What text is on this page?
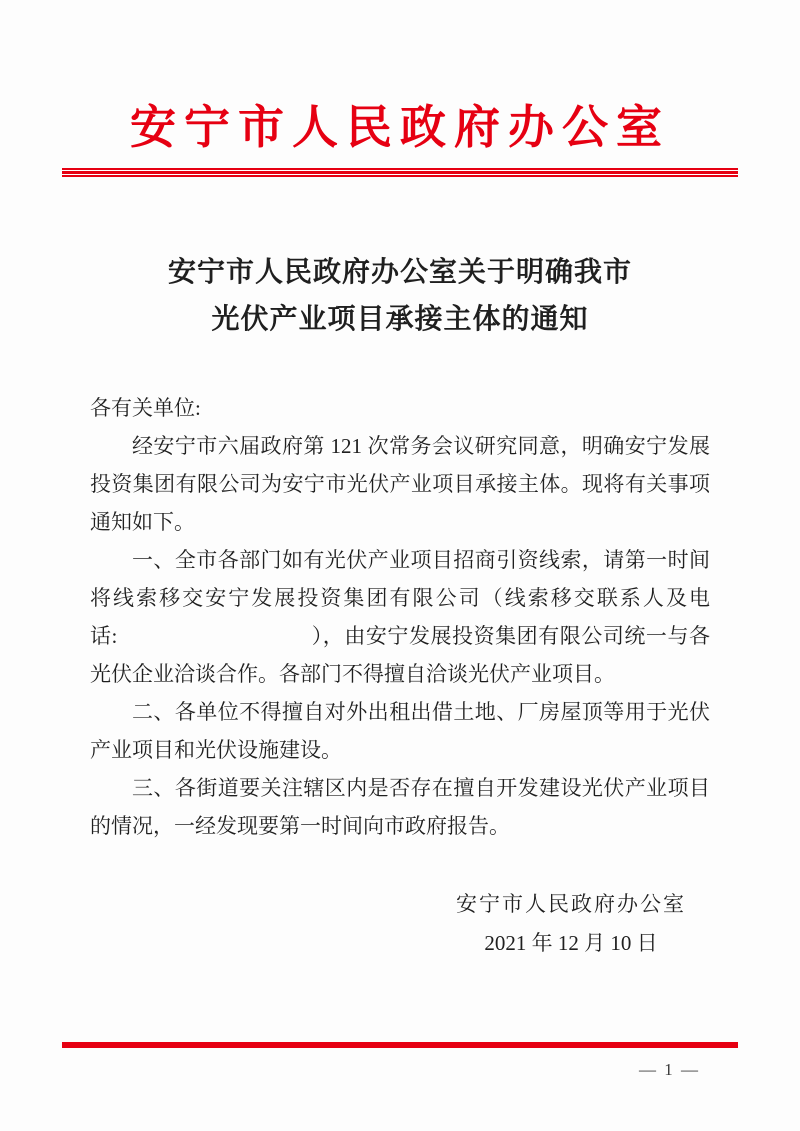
安宁市人民政府办公室
安宁市人民政府办公室关于明确我市
光伏产业项目承接主体的通知

各有关单位:

经安宁市六届政府第 121 次常务会议研究同意，明确安宁发展投资集团有限公司为安宁市光伏产业项目承接主体。现将有关事项通知如下。

一、全市各部门如有光伏产业项目招商引资线索，请第一时间将线索移交安宁发展投资集团有限公司（线索移交联系人及电话:　　　　　　　　　），由安宁发展投资集团有限公司统一与各光伏企业洽谈合作。各部门不得擅自洽谈光伏产业项目。

二、各单位不得擅自对外出租出借土地、厂房屋顶等用于光伏产业项目和光伏设施建设。

三、各街道要关注辖区内是否存在擅自开发建设光伏产业项目的情况，一经发现要第一时间向市政府报告。

安宁市人民政府办公室
2021 年 12 月 10 日
— 1 —
